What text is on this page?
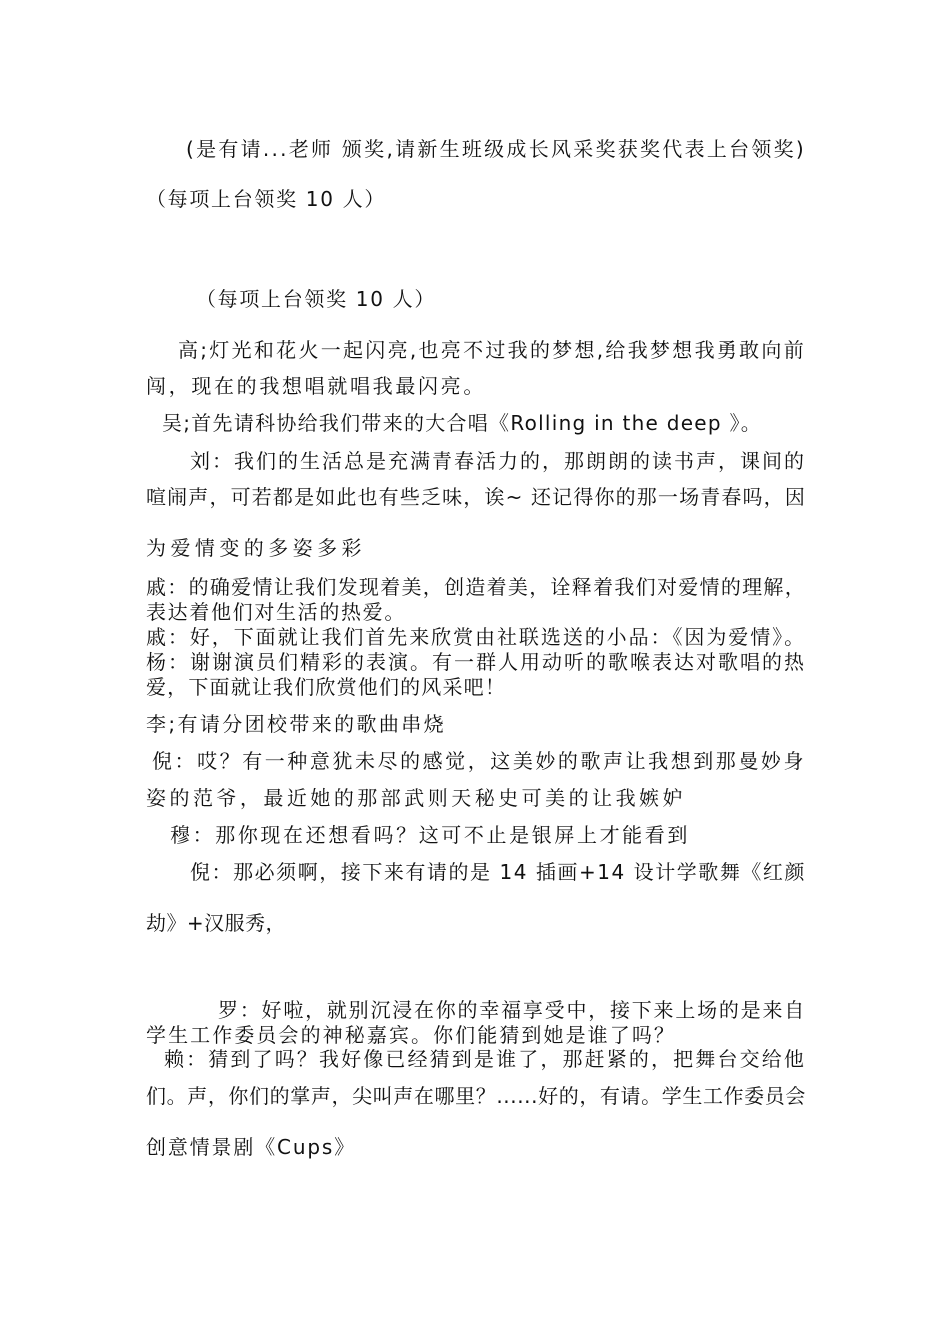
(是有请...老师 颁奖,请新生班级成长风采奖获奖代表上台领奖)

（每项上台领奖 10 人）

（每项上台领奖 10 人）

高;灯光和花火一起闪亮,也亮不过我的梦想,给我梦想我勇敢向前

闯，现在的我想唱就唱我最闪亮。

吴;首先请科协给我们带来的大合唱《Rolling in the deep 》。

刘：我们的生活总是充满青春活力的，那朗朗的读书声，课间的

喧闹声，可若都是如此也有些乏味，诶~ 还记得你的那一场青春吗，因

为爱情变的多姿多彩

戚：的确爱情让我们发现着美，创造着美，诠释着我们对爱情的理解，

表达着他们对生活的热爱。

戚：好，下面就让我们首先来欣赏由社联选送的小品：《因为爱情》。

杨：谢谢演员们精彩的表演。有一群人用动听的歌喉表达对歌唱的热

爱，下面就让我们欣赏他们的风采吧！

李;有请分团校带来的歌曲串烧

倪：哎？有一种意犹未尽的感觉，这美妙的歌声让我想到那曼妙身

姿的范爷，最近她的那部武则天秘史可美的让我嫉妒

穆：那你现在还想看吗？这可不止是银屏上才能看到

倪：那必须啊，接下来有请的是 14 插画+14 设计学歌舞《红颜

劫》+汉服秀，

罗：好啦，就别沉浸在你的幸福享受中，接下来上场的是来自

学生工作委员会的神秘嘉宾。你们能猜到她是谁了吗？

赖：猜到了吗？我好像已经猜到是谁了，那赶紧的，把舞台交给他

们。声，你们的掌声，尖叫声在哪里？......好的，有请。学生工作委员会

创意情景剧《Cups》
